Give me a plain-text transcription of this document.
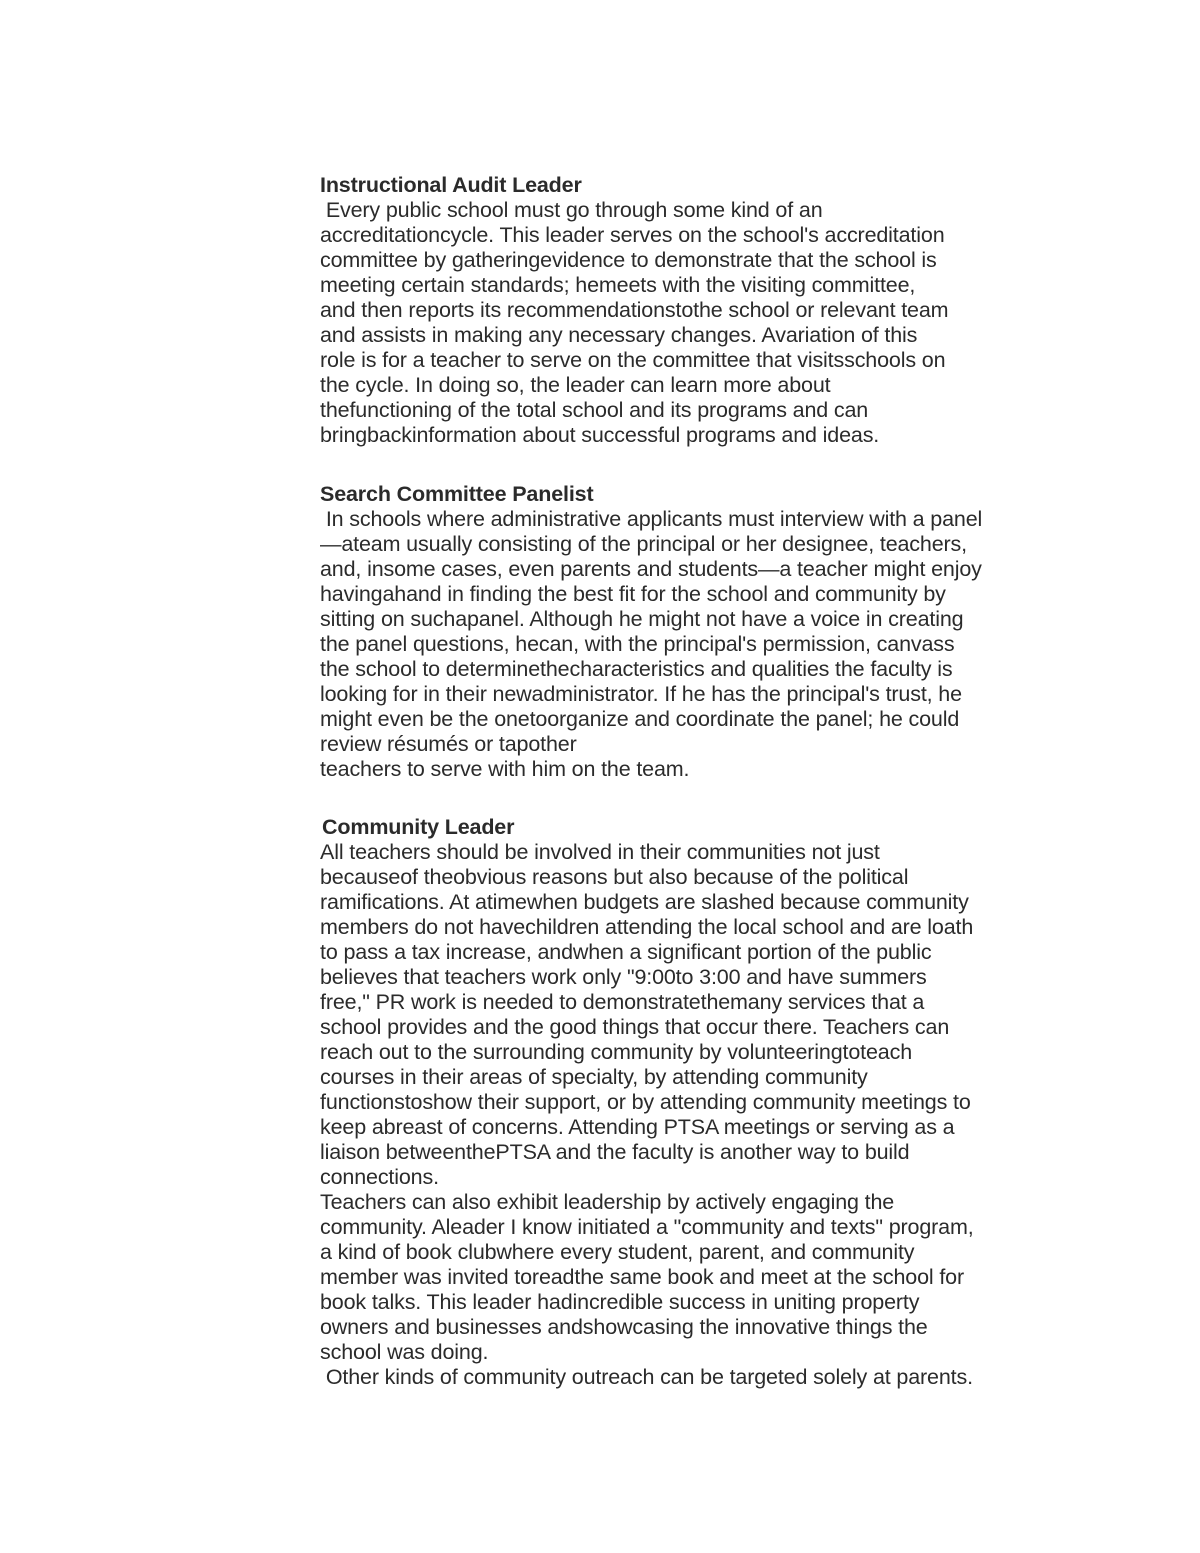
Instructional Audit Leader
Every public school must go through some kind of an
accreditationcycle. This leader serves on the school's accreditation
committee by gatheringevidence to demonstrate that the school is
meeting certain standards; hemeets with the visiting committee,
and then reports its recommendationstothe school or relevant team
and assists in making any necessary changes. Avariation of this
role is for a teacher to serve on the committee that visitsschools on
the cycle. In doing so, the leader can learn more about
thefunctioning of the total school and its programs and can
bringbackinformation about successful programs and ideas.
Search Committee Panelist
In schools where administrative applicants must interview with a panel
—ateam usually consisting of the principal or her designee, teachers,
and, insome cases, even parents and students—a teacher might enjoy
havingahand in finding the best fit for the school and community by
sitting on suchapanel. Although he might not have a voice in creating
the panel questions, hecan, with the principal's permission, canvass
the school to determinethecharacteristics and qualities the faculty is
looking for in their newadministrator. If he has the principal's trust, he
might even be the onetoorganize and coordinate the panel; he could
review résumés or tapother
teachers to serve with him on the team.
Community Leader
All teachers should be involved in their communities not just
becauseof theobvious reasons but also because of the political
ramifications. At atimewhen budgets are slashed because community
members do not havechildren attending the local school and are loath
to pass a tax increase, andwhen a significant portion of the public
believes that teachers work only "9:00to 3:00 and have summers
free," PR work is needed to demonstratethemany services that a
school provides and the good things that occur there. Teachers can
reach out to the surrounding community by volunteeringtoteach
courses in their areas of specialty, by attending community
functionstoshow their support, or by attending community meetings to
keep abreast of concerns. Attending PTSA meetings or serving as a
liaison betweenthePTSA and the faculty is another way to build
connections.
Teachers can also exhibit leadership by actively engaging the
community. Aleader I know initiated a "community and texts" program,
a kind of book clubwhere every student, parent, and community
member was invited toreadthe same book and meet at the school for
book talks. This leader hadincredible success in uniting property
owners and businesses andshowcasing the innovative things the
school was doing.
Other kinds of community outreach can be targeted solely at parents.
